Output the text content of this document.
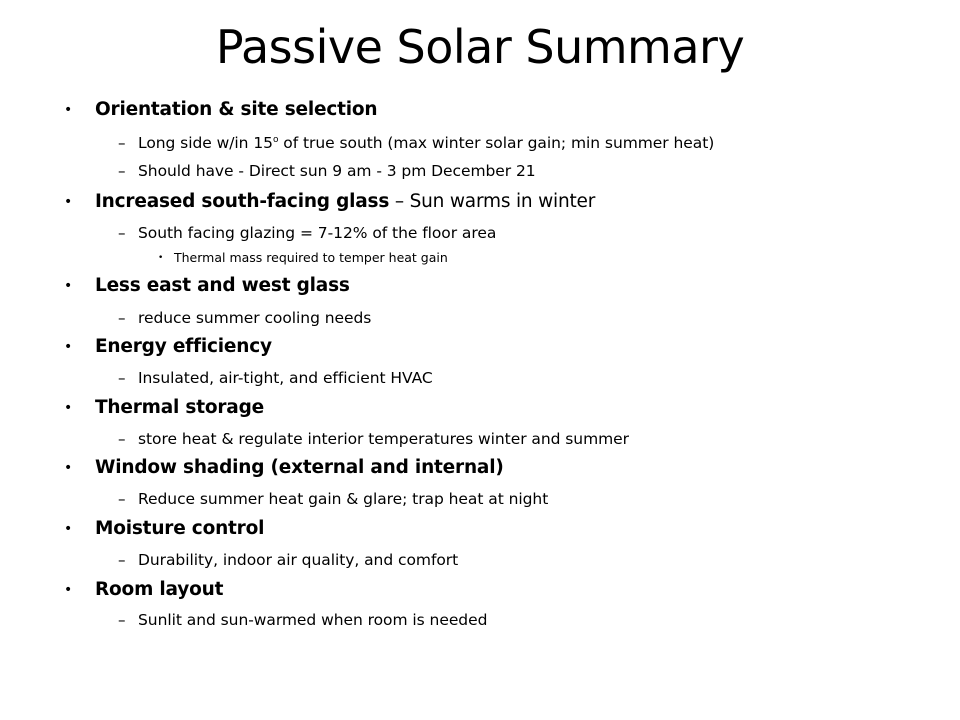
Passive Solar Summary
• Orientation & site selection
– Long side w/in 15$^o$ of true south (max winter solar gain; min summer heat)
– Should have - Direct sun 9 am - 3 pm December 21
• Increased south-facing glass – Sun warms in winter
– South facing glazing = 7-12% of the floor area
• Thermal mass required to temper heat gain
• Less east and west glass
– reduce summer cooling needs
• Energy efficiency
– Insulated, air-tight, and efficient HVAC
• Thermal storage
– store heat & regulate interior temperatures winter and summer
• Window shading (external and internal)
– Reduce summer heat gain & glare; trap heat at night
• Moisture control
– Durability, indoor air quality, and comfort
• Room layout
– Sunlit and sun-warmed when room is needed
